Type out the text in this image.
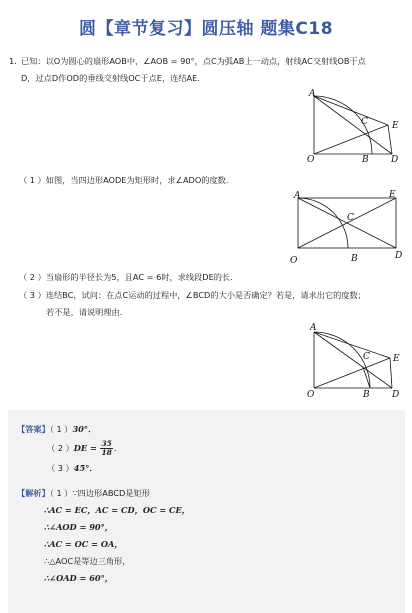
圆【章节复习】圆压轴 题集C18
1. 已知：以O为圆心的扇形AOB中，∠AOB = 90°，点C为弧AB上一动点，射线AC交射线OB于点
D，过点D作OD的垂线交射线OC于点E，连结AE．
A
C	E
O	B D
（ 1 ）如图，当四边形AODE为矩形时，求∠ADO的度数．
A	E
C
O	B	D
（ 2 ）当扇形的半径长为5，且AC = 6时，求线段DE的长．
（ 3 ）连结BC，试问：在点C运动的过程中，∠BCD的大小是否确定？若是，请求出它的度数；
若不是，请说明理由．
A
C	E
O	B D
【答案】（ 1 ）30°．
（ 2 ）$DE = \frac{35}{18}$ ．
（ 3 ）45°．
【解析】（ 1 ）∵四边形ABCD是矩形
∴AC = EC，AC = CD，OC = CE，
∴∠AOD = 90°，
∴AC = OC = OA，
∴△AOC是等边三角形，
∴∠OAD = 60°，
